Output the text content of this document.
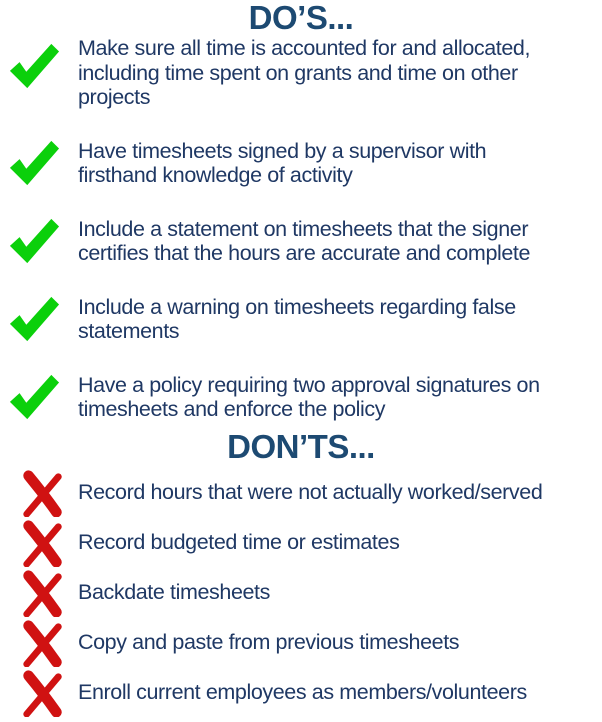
DO’S...
Make sure all time is accounted for and allocated,
including time spent on grants and time on other
projects
Have timesheets signed by a supervisor with
firsthand knowledge of activity
Include a statement on timesheets that the signer
certifies that the hours are accurate and complete
Include a warning on timesheets regarding false
statements
Have a policy requiring two approval signatures on
timesheets and enforce the policy
DON’TS...
Record hours that were not actually worked/served
Record budgeted time or estimates
Backdate timesheets
Copy and paste from previous timesheets
Enroll current employees as members/volunteers
